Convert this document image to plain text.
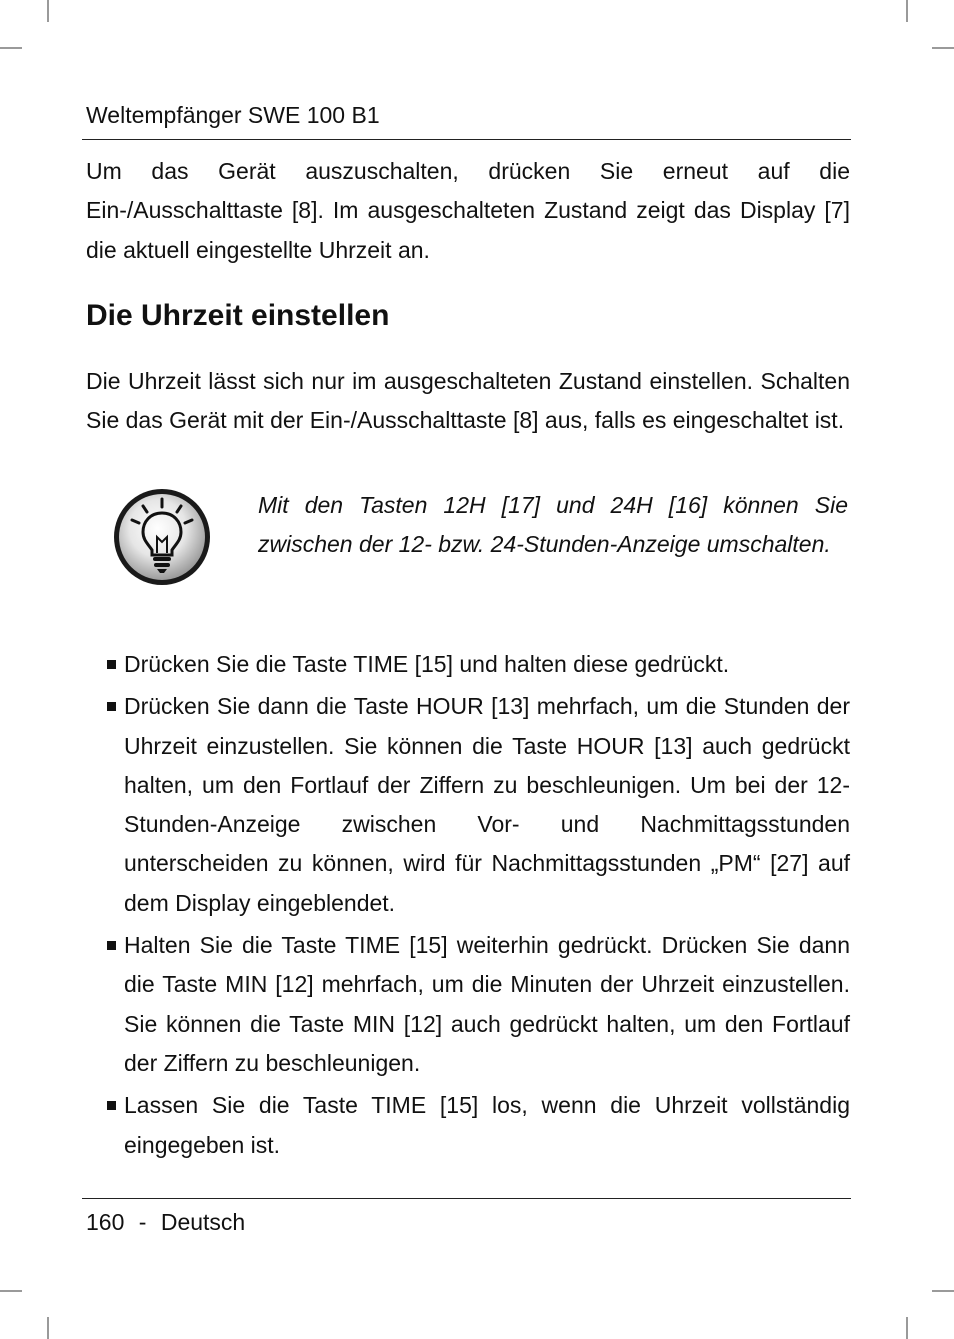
Weltempfänger SWE 100 B1
Um das Gerät auszuschalten, drücken Sie erneut auf die Ein-/Ausschalttaste [8]. Im ausgeschalteten Zustand zeigt das Display [7] die aktuell eingestellte Uhrzeit an.
Die Uhrzeit einstellen
Die Uhrzeit lässt sich nur im ausgeschalteten Zustand einstellen. Schalten Sie das Gerät mit der Ein-/Ausschalttaste [8] aus, falls es eingeschaltet ist.
Mit den Tasten 12H [17] und 24H [16] können Sie zwischen der 12- bzw. 24-Stunden-Anzeige umschalten.
Drücken Sie die Taste TIME [15] und halten diese gedrückt.
Drücken Sie dann die Taste HOUR [13] mehrfach, um die Stunden der Uhrzeit einzustellen. Sie können die Taste HOUR [13] auch gedrückt halten, um den Fortlauf der Ziffern zu beschleunigen. Um bei der 12-Stunden-Anzeige zwischen Vor- und Nachmittagsstunden unterscheiden zu können, wird für Nachmittagsstunden „PM“ [27] auf dem Display eingeblendet.
Halten Sie die Taste TIME [15] weiterhin gedrückt. Drücken Sie dann die Taste MIN [12] mehrfach, um die Minuten der Uhrzeit einzustellen. Sie können die Taste MIN [12] auch gedrückt halten, um den Fortlauf der Ziffern zu beschleunigen.
Lassen Sie die Taste TIME [15] los, wenn die Uhrzeit vollständig eingegeben ist.
160 - Deutsch
